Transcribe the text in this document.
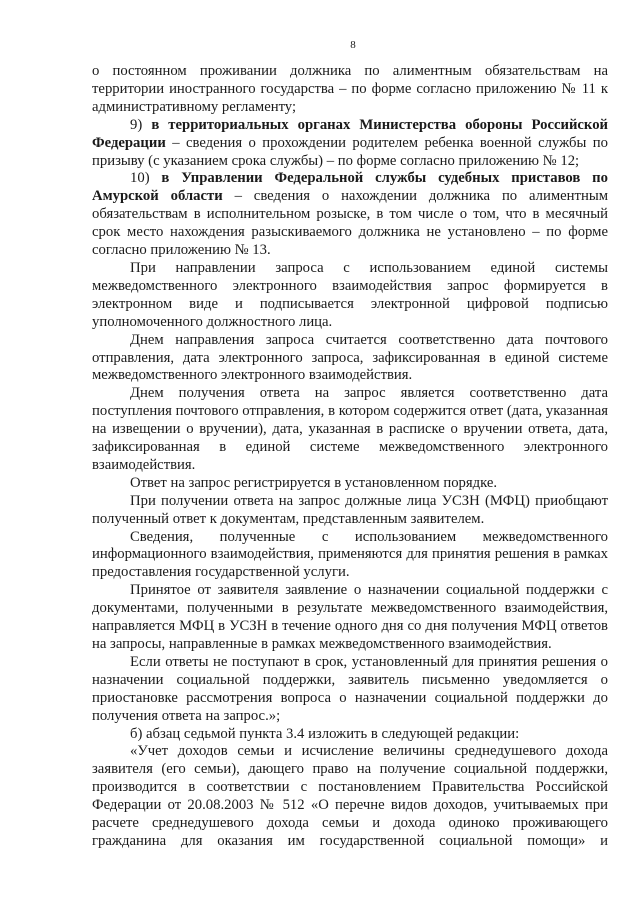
8

о постоянном проживании должника по алиментным обязательствам на территории иностранного государства – по форме согласно приложению № 11 к административному регламенту;

9) в территориальных органах Министерства обороны Российской Федерации – сведения о прохождении родителем ребенка военной службы по призыву (с указанием срока службы) – по форме согласно приложению № 12;

10) в Управлении Федеральной службы судебных приставов по Амурской области – сведения о нахождении должника по алиментным обязательствам в исполнительном розыске, в том числе о том, что в месячный срок место нахождения разыскиваемого должника не установлено – по форме согласно приложению № 13.

При направлении запроса с использованием единой системы межведомственного электронного взаимодействия запрос формируется в электронном виде и подписывается электронной цифровой подписью уполномоченного должностного лица.

Днем направления запроса считается соответственно дата почтового отправления, дата электронного запроса, зафиксированная в единой системе межведомственного электронного взаимодействия.

Днем получения ответа на запрос является соответственно дата поступления почтового отправления, в котором содержится ответ (дата, указанная на извещении о вручении), дата, указанная в расписке о вручении ответа, дата, зафиксированная в единой системе межведомственного электронного взаимодействия.

Ответ на запрос регистрируется в установленном порядке.

При получении ответа на запрос должные лица УСЗН (МФЦ) приобщают полученный ответ к документам, представленным заявителем.

Сведения, полученные с использованием межведомственного информационного взаимодействия, применяются для принятия решения в рамках предоставления государственной услуги.

Принятое от заявителя заявление о назначении социальной поддержки с документами, полученными в результате межведомственного взаимодействия, направляется МФЦ в УСЗН в течение одного дня со дня получения МФЦ ответов на запросы, направленные в рамках межведомственного взаимодействия.

Если ответы не поступают в срок, установленный для принятия решения о назначении социальной поддержки, заявитель письменно уведомляется о приостановке рассмотрения вопроса о назначении социальной поддержки до получения ответа на запрос.»;

б) абзац седьмой пункта 3.4 изложить в следующей редакции:

«Учет доходов семьи и исчисление величины среднедушевого дохода заявителя (его семьи), дающего право на получение социальной поддержки, производится в соответствии с постановлением Правительства Российской Федерации от 20.08.2003 № 512 «О перечне видов доходов, учитываемых при расчете среднедушевого дохода семьи и дохода одиноко проживающего гражданина для оказания им государственной социальной помощи» и
